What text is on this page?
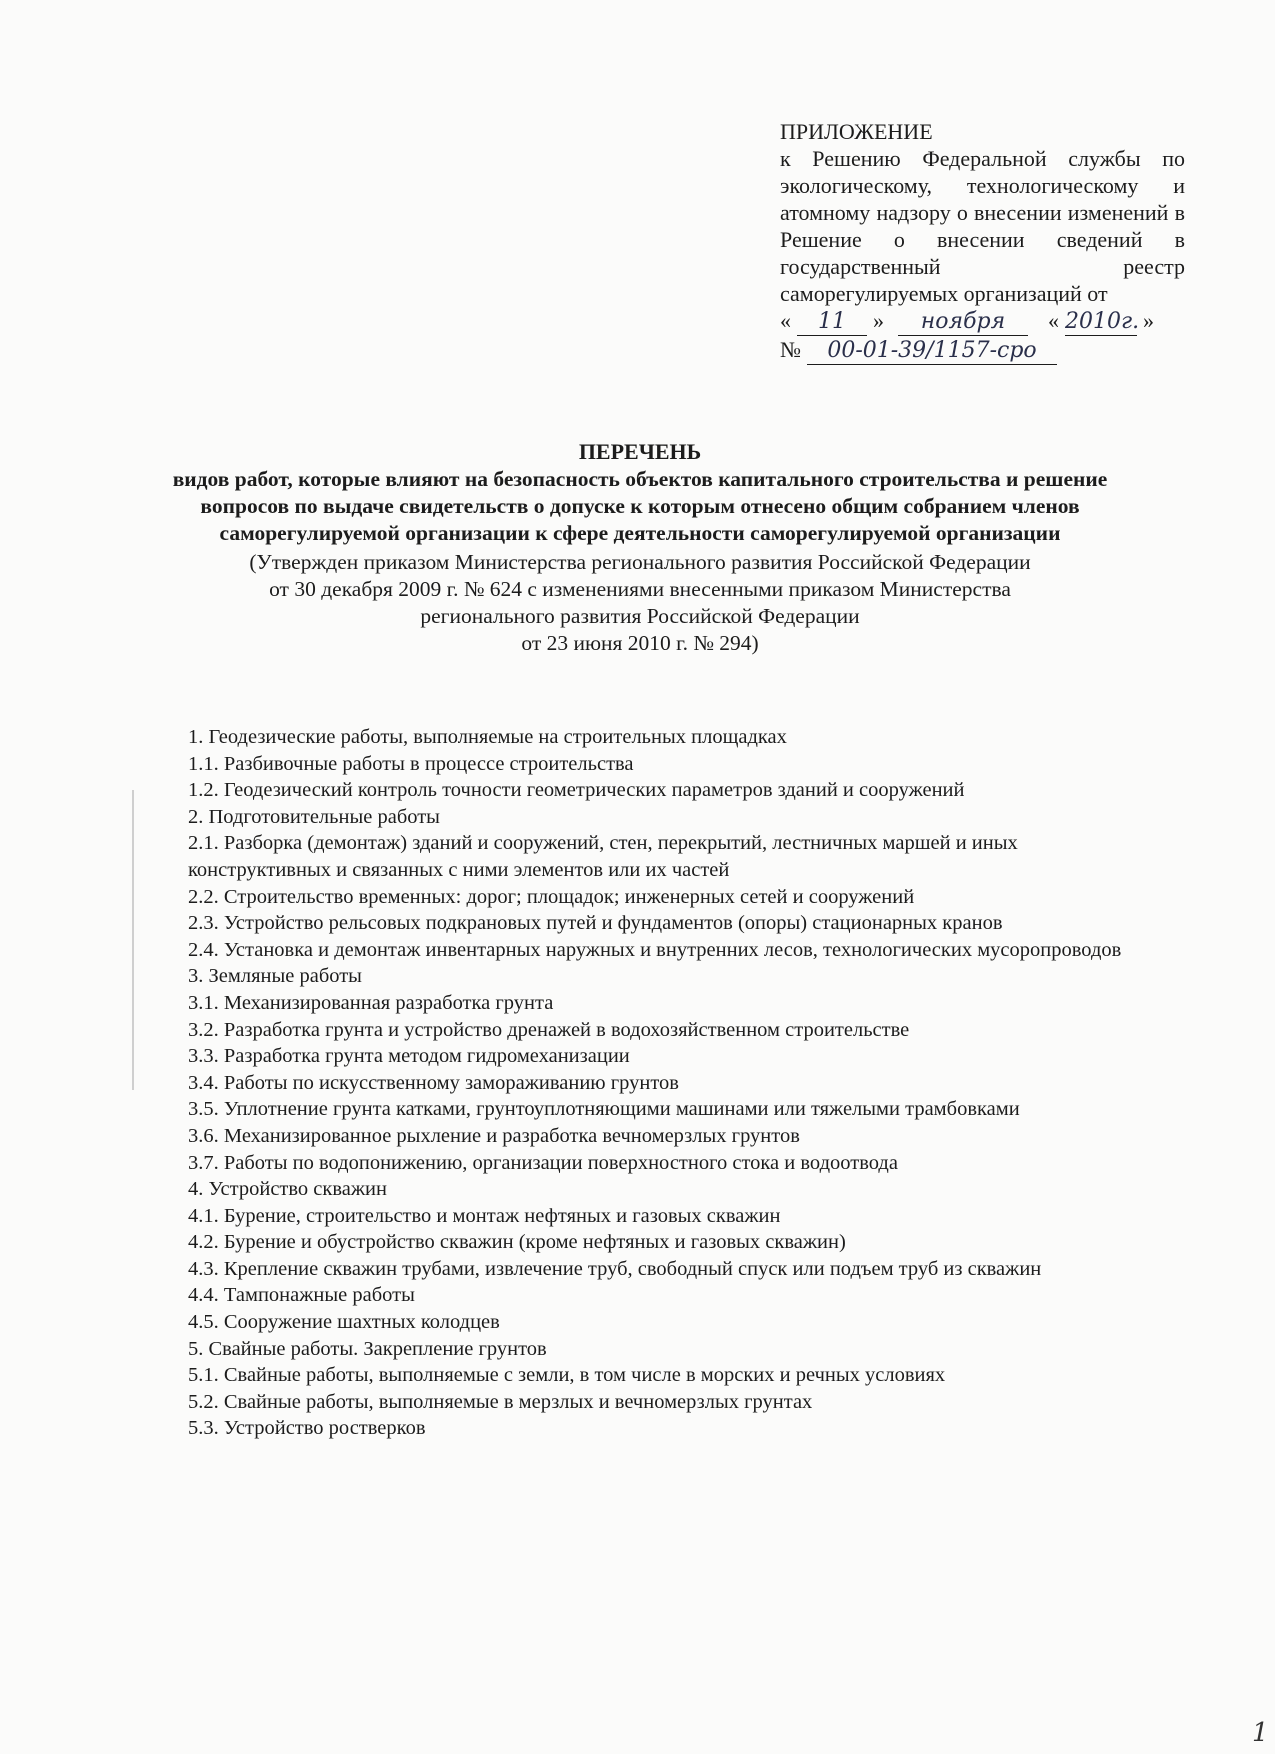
ПРИЛОЖЕНИЕ
к Решению Федеральной службы по экологическому, технологическому и атомному надзору о внесении изменений в Решение о внесении сведений в государственный реестр саморегулируемых организаций от
«	11	»	ноября	« 2010г. »
№	00-01-39/1157-сро
ПЕРЕЧЕНЬ
видов работ, которые влияют на безопасность объектов капитального строительства и решение вопросов по выдаче свидетельств о допуске к которым отнесено общим собранием членов саморегулируемой организации к сфере деятельности саморегулируемой организации
(Утвержден приказом Министерства регионального развития Российской Федерации
от 30 декабря 2009 г. № 624 с изменениями внесенными приказом Министерства
регионального развития Российской Федерации
от 23 июня 2010 г. № 294)
1. Геодезические работы, выполняемые на строительных площадках
1.1. Разбивочные работы в процессе строительства
1.2. Геодезический контроль точности геометрических параметров зданий и сооружений
2. Подготовительные работы
2.1. Разборка (демонтаж) зданий и сооружений, стен, перекрытий, лестничных маршей и иных конструктивных и связанных с ними элементов или их частей
2.2. Строительство временных: дорог; площадок; инженерных сетей и сооружений
2.3. Устройство рельсовых подкрановых путей и фундаментов (опоры) стационарных кранов
2.4. Установка и демонтаж инвентарных наружных и внутренних лесов, технологических мусоропроводов
3. Земляные работы
3.1. Механизированная разработка грунта
3.2. Разработка грунта и устройство дренажей в водохозяйственном строительстве
3.3. Разработка грунта методом гидромеханизации
3.4. Работы по искусственному замораживанию грунтов
3.5. Уплотнение грунта катками, грунтоуплотняющими машинами или тяжелыми трамбовками
3.6. Механизированное рыхление и разработка вечномерзлых грунтов
3.7. Работы по водопонижению, организации поверхностного стока и водоотвода
4. Устройство скважин
4.1. Бурение, строительство и монтаж нефтяных и газовых скважин
4.2. Бурение и обустройство скважин (кроме нефтяных и газовых скважин)
4.3. Крепление скважин трубами, извлечение труб, свободный спуск или подъем труб из скважин
4.4. Тампонажные работы
4.5. Сооружение шахтных колодцев
5. Свайные работы. Закрепление грунтов
5.1. Свайные работы, выполняемые с земли, в том числе в морских и речных условиях
5.2. Свайные работы, выполняемые в мерзлых и вечномерзлых грунтах
5.3. Устройство ростверков
1
